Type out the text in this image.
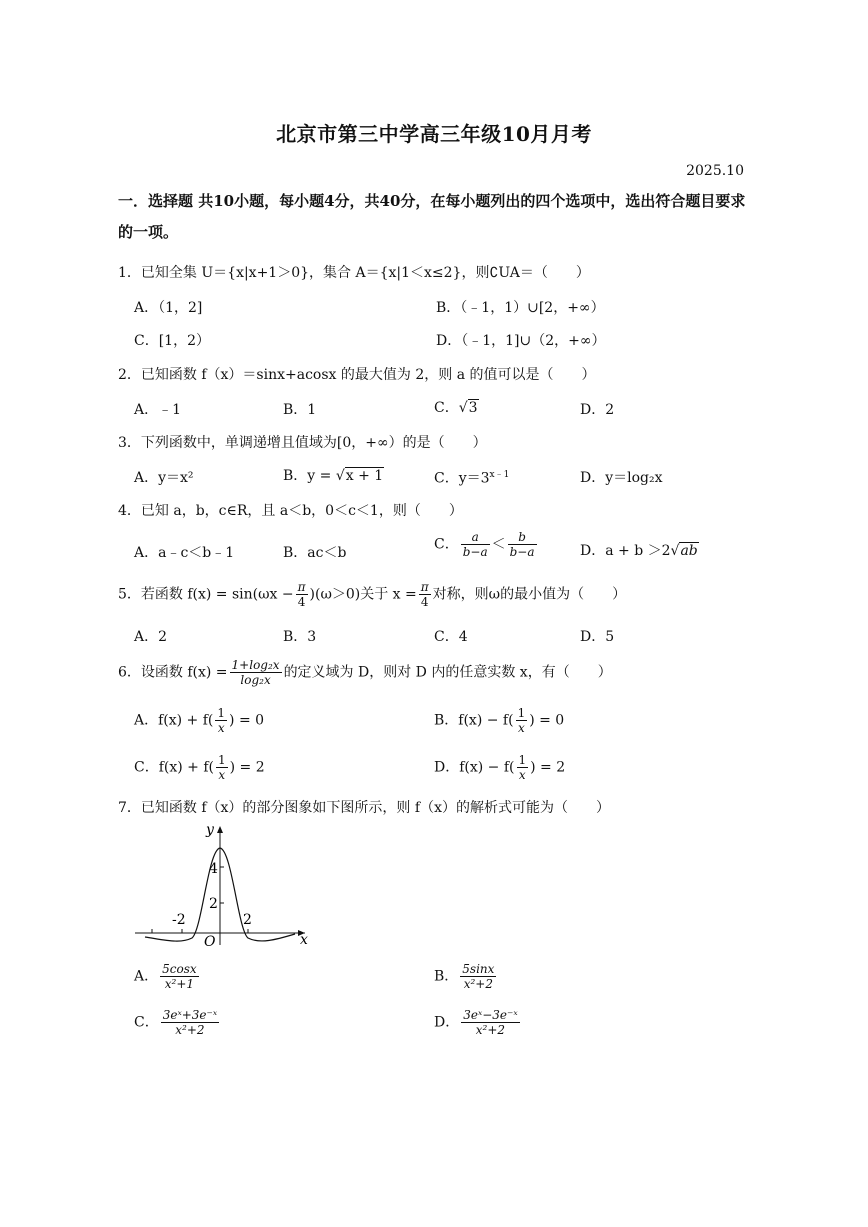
北京市第三中学高三年级10月月考
2025.10
一．选择题 共10小题，每小题4分，共40分，在每小题列出的四个选项中，选出符合题目要求的一项。
1．已知全集 U＝{x|x+1＞0}，集合 A＝{x|1＜x≤2}，则∁UA＝（　　）
A．（1，2]	B．（﹣1，1）∪[2，+∞）
C．[1，2）	D．（﹣1，1]∪（2，+∞）
2．已知函数 f（x）＝sinx+acosx 的最大值为 2，则 a 的值可以是（　　）
A．﹣1	B．1	C．√3	D．2
3．下列函数中，单调递增且值域为[0，+∞）的是（　　）
A．y＝x²	B．y = √x + 1	C．$y=3^{x﹣1}$	D．y＝log₂x
4．已知 a，b，c∈R，且 a＜b，0＜c＜1，则（　　）
A．a﹣c＜b﹣1	B．ac＜b
C． $\frac{a}{b-a} < \frac{b}{b-a}$	D．a + b ＞2√ab
5．若函数 $f(x) = \sin(\omega x - \frac{\pi}{4} )(\omega>0)$关于 $x = \frac{\pi}{4}$ 对称，则ω的最小值为（　　）
A．2	B．3	C．4	D．5
6．设函数 $f(x) = \frac{\text{1+log₂x}}{\text{log₂x}}$ 的定义域为 D，则对 D 内的任意实数 x，有（　　）
A．$f(x) + f( \frac{1}{x}$ ) = 0	B．$f(x) - f( \frac{1}{x}$ ) = 0
C．$f(x) + f( \frac{1}{x}$ ) = 2	D．$f(x) - f( \frac{1}{x}$ ) = 2
7．已知函数 f（x）的部分图象如下图所示，则 f（x）的解析式可能为（　　）
y
x
O
4
2
-2	2
A． $\frac{5\cos x}{\text{x²+1}}$	B． $\frac{5\sin x}{\text{x²+2}}$
C． $\frac{\text{3eˣ+3e⁻ˣ}}{\text{x²+2}}$	D． $\frac{\text{3eˣ−3e⁻ˣ}}{\text{x²+2}}$
